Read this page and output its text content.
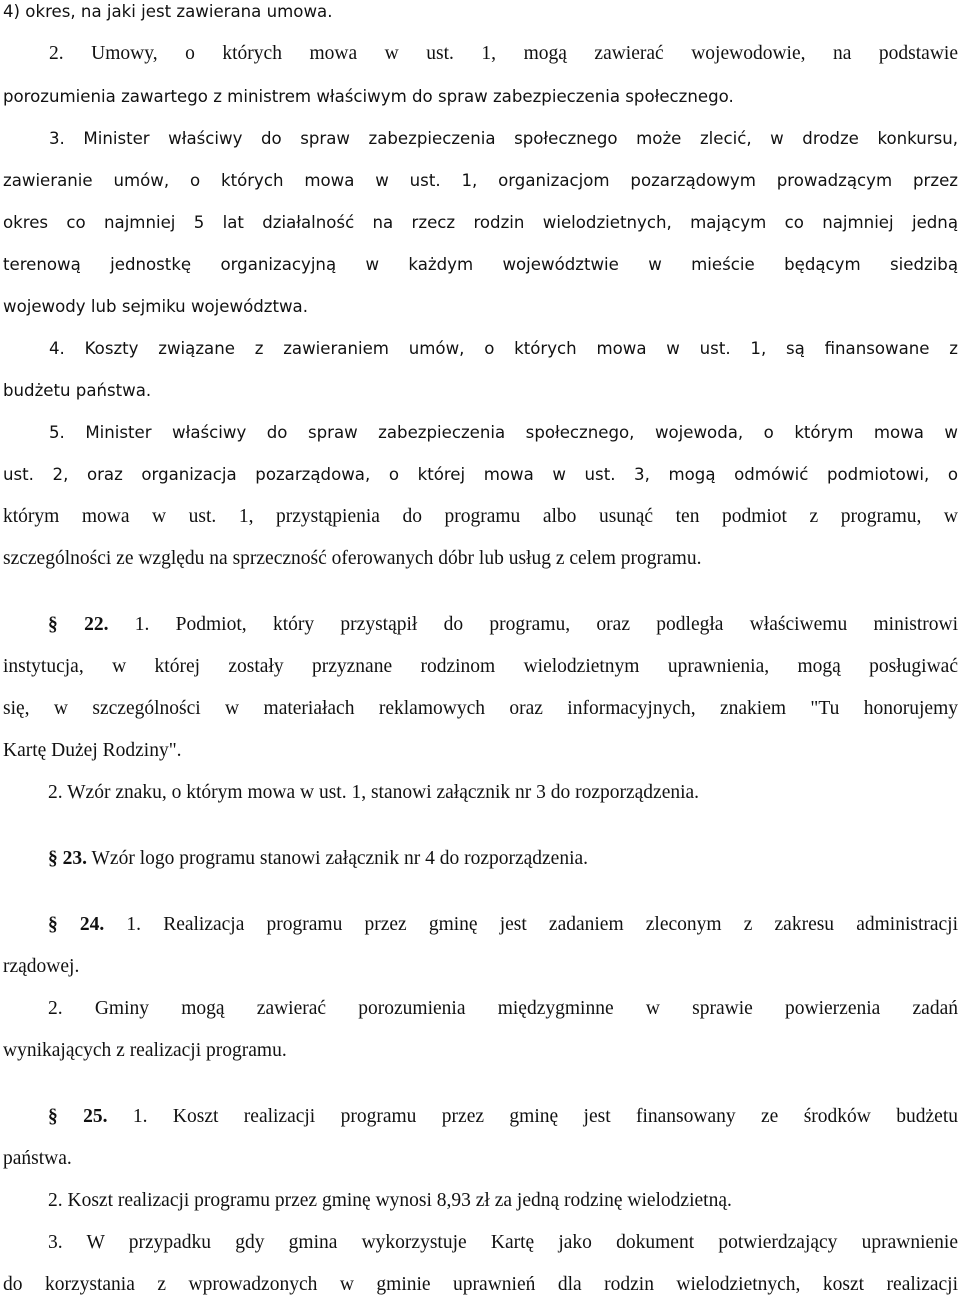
4) okres, na jaki jest zawierana umowa.

2. Umowy, o których mowa w ust. 1, mogą zawierać wojewodowie, na podstawie

porozumienia zawartego z ministrem właściwym do spraw zabezpieczenia społecznego.

3. Minister właściwy do spraw zabezpieczenia społecznego może zlecić, w drodze konkursu,

zawieranie umów, o których mowa w ust. 1, organizacjom pozarządowym prowadzącym przez

okres co najmniej 5 lat działalność na rzecz rodzin wielodzietnych, mającym co najmniej jedną

terenową jednostkę organizacyjną w każdym województwie w mieście będącym siedzibą

wojewody lub sejmiku województwa.

4. Koszty związane z zawieraniem umów, o których mowa w ust. 1, są finansowane z

budżetu państwa.

5. Minister właściwy do spraw zabezpieczenia społecznego, wojewoda, o którym mowa w

ust. 2, oraz organizacja pozarządowa, o której mowa w ust. 3, mogą odmówić podmiotowi, o

którym mowa w ust. 1, przystąpienia do programu albo usunąć ten podmiot z programu, w

szczególności ze względu na sprzeczność oferowanych dóbr lub usług z celem programu.

§ 22. 1. Podmiot, który przystąpił do programu, oraz podległa właściwemu ministrowi

instytucja, w której zostały przyznane rodzinom wielodzietnym uprawnienia, mogą posługiwać

się, w szczególności w materiałach reklamowych oraz informacyjnych, znakiem "Tu honorujemy

Kartę Dużej Rodziny".

2. Wzór znaku, o którym mowa w ust. 1, stanowi załącznik nr 3 do rozporządzenia.

§ 23. Wzór logo programu stanowi załącznik nr 4 do rozporządzenia.

§ 24. 1. Realizacja programu przez gminę jest zadaniem zleconym z zakresu administracji

rządowej.

2. Gminy mogą zawierać porozumienia międzygminne w sprawie powierzenia zadań

wynikających z realizacji programu.

§ 25. 1. Koszt realizacji programu przez gminę jest finansowany ze środków budżetu

państwa.

2. Koszt realizacji programu przez gminę wynosi 8,93 zł za jedną rodzinę wielodzietną.

3. W przypadku gdy gmina wykorzystuje Kartę jako dokument potwierdzający uprawnienie

do korzystania z wprowadzonych w gminie uprawnień dla rodzin wielodzietnych, koszt realizacji
